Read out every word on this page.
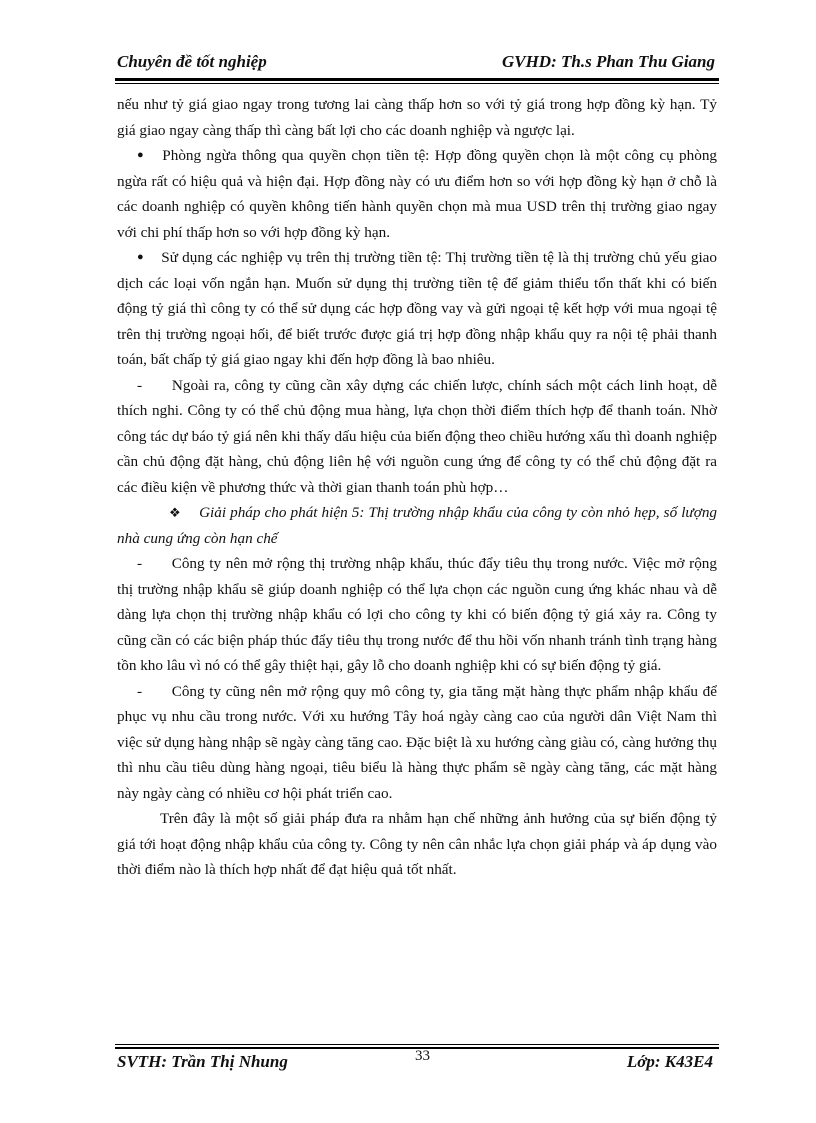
Chuyên đề tốt nghiệp	GVHD: Th.s Phan Thu Giang

nếu như tỷ giá giao ngay trong tương lai càng thấp hơn so với tỷ giá trong hợp đồng kỳ hạn. Tỷ giá giao ngay càng thấp thì càng bất lợi cho các doanh nghiệp và ngược lại.

● Phòng ngừa thông qua quyền chọn tiền tệ: Hợp đồng quyền chọn là một công cụ phòng ngừa rất có hiệu quả và hiện đại. Hợp đồng này có ưu điểm hơn so với hợp đồng kỳ hạn ở chỗ là các doanh nghiệp có quyền không tiến hành quyền chọn mà mua USD trên thị trường giao ngay với chi phí thấp hơn so với hợp đồng kỳ hạn.

● Sử dụng các nghiệp vụ trên thị trường tiền tệ: Thị trường tiền tệ là thị trường chủ yếu giao dịch các loại vốn ngắn hạn. Muốn sử dụng thị trường tiền tệ để giảm thiểu tổn thất khi có biến động tỷ giá thì công ty có thể sử dụng các hợp đồng vay và gửi ngoại tệ kết hợp với mua ngoại tệ trên thị trường ngoại hối, để biết trước được giá trị hợp đồng nhập khẩu quy ra nội tệ phải thanh toán, bất chấp tỷ giá giao ngay khi đến hợp đồng là bao nhiêu.

- Ngoài ra, công ty cũng cần xây dựng các chiến lược, chính sách một cách linh hoạt, dễ thích nghi. Công ty có thể chủ động mua hàng, lựa chọn thời điểm thích hợp để thanh toán. Nhờ công tác dự báo tỷ giá nên khi thấy dấu hiệu của biến động theo chiều hướng xấu thì doanh nghiệp cần chủ động đặt hàng, chủ động liên hệ với nguồn cung ứng để công ty có thể chủ động đặt ra các điều kiện về phương thức và thời gian thanh toán phù hợp…

❖ Giải pháp cho phát hiện 5: Thị trường nhập khẩu của công ty còn nhỏ hẹp, số lượng nhà cung ứng còn hạn chế

- Công ty nên mở rộng thị trường nhập khẩu, thúc đẩy tiêu thụ trong nước. Việc mở rộng thị trường nhập khẩu sẽ giúp doanh nghiệp có thể lựa chọn các nguồn cung ứng khác nhau và dễ dàng lựa chọn thị trường nhập khẩu có lợi cho công ty khi có biến động tỷ giá xảy ra. Công ty cũng cần có các biện pháp thúc đẩy tiêu thụ trong nước để thu hồi vốn nhanh tránh tình trạng hàng tồn kho lâu vì nó có thể gây thiệt hại, gây lỗ cho doanh nghiệp khi có sự biến động tỷ giá.

- Công ty cũng nên mở rộng quy mô công ty, gia tăng mặt hàng thực phẩm nhập khẩu để phục vụ nhu cầu trong nước. Với xu hướng Tây hoá ngày càng cao của người dân Việt Nam thì việc sử dụng hàng nhập sẽ ngày càng tăng cao. Đặc biệt là xu hướng càng giàu có, càng hưởng thụ thì nhu cầu tiêu dùng hàng ngoại, tiêu biểu là hàng thực phẩm sẽ ngày càng tăng, các mặt hàng này ngày càng có nhiều cơ hội phát triển cao.

Trên đây là một số giải pháp đưa ra nhằm hạn chế những ảnh hưởng của sự biến động tỷ giá tới hoạt động nhập khẩu của công ty. Công ty nên cân nhắc lựa chọn giải pháp và áp dụng vào thời điểm nào là thích hợp nhất để đạt hiệu quả tốt nhất.

SVTH: Trần Thị Nhung	33	Lớp: K43E4
